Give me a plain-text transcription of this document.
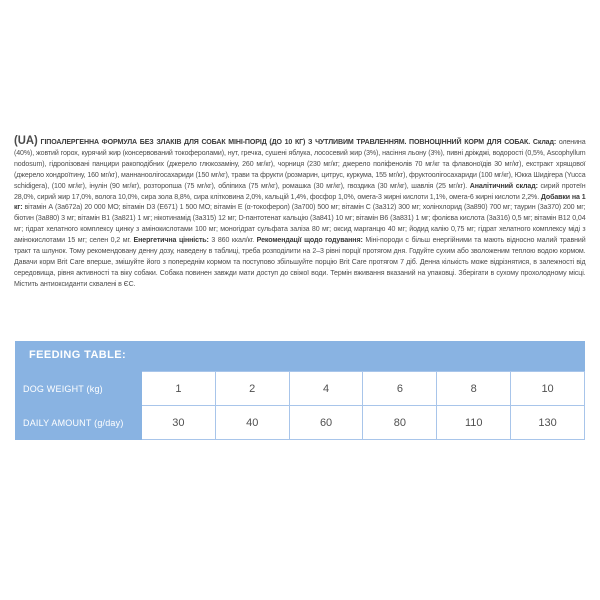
(UA) ГІПОАЛЕРГЕННА ФОРМУЛА БЕЗ ЗЛАКІВ ДЛЯ СОБАК МІНІ-ПОРІД (ДО 10 КГ) З ЧУТЛИВИМ ТРАВЛЕННЯМ. ПОВНОЦІННИЙ КОРМ ДЛЯ СОБАК. Склад: оленина (40%), жовтий горох, курячий жир (консервований токоферолами), нут, гречка, сушені яблука, лососевий жир (3%), насіння льону (3%), пивні дріжджі, водорості (0,5%, Ascophyllum nodosum), гідролізовані панцири ракоподібних (джерело глюкозаміну, 260 мг/кг), чорниця (230 мг/кг; джерело поліфенолів 70 мг/кг та флавоноїдів 30 мг/кг), екстракт хрящової (джерело хондроїтину, 160 мг/кг), маннаноолігосахариди (150 мг/кг), трави та фрукти (розмарин, цитрус, куркума, 155 мг/кг), фруктоолігосахариди (100 мг/кг), Юкка Шидігера (Yucca schidigera), (100 мг/кг), інулін (90 мг/кг), розторопша (75 мг/кг), обліпиха (75 мг/кг), ромашка (30 мг/кг), гвоздика (30 мг/кг), шавлія (25 мг/кг). Аналітичний склад: сирий протеїн 28,0%, сирий жир 17,0%, волога 10,0%, сира зола 8,8%, сира клітковина 2,0%, кальцій 1,4%, фосфор 1,0%, омега-3 жирні кислоти 1,1%, омега-6 жирні кислоти 2,2%. Добавки на 1 кг: вітамін А (3a672a) 20 000 МО; вітамін D3 (E671) 1 500 МО; вітамін Е (α-токоферол) (3a700) 500 мг; вітамін С (3a312) 300 мг; холінхлорид (3a890) 700 мг; таурин (3a370) 200 мг; біотин (3a880) 3 мг; вітамін В1 (3a821) 1 мг; нікотинамід (3a315) 12 мг; D-пантотенат кальцію (3a841) 10 мг; вітамін В6 (3a831) 1 мг; фолієва кислота (3a316) 0,5 мг; вітамін В12 0,04 мг; гідрат хелатного комплексу цинку з амінокислотами 100 мг; моногідрат сульфата заліза 80 мг; оксид марганцю 40 мг; йодид калію 0,75 мг; гідрат хелатного комплексу міді з амінокислотами 15 мг; селен 0,2 мг. Енергетична цінність: 3 860 ккал/кг. Рекомендації щодо годування: Міні-породи с більш енергійними та мають відносно малий травний тракт та шлунок. Тому рекомендовану денну дозу, наведену в таблиці, треба розподілити на 2–3 рівні порції протягом дня. Годуйте сухим або зволоженим теплою водою кормом. Давачи корм Brit Care вперше, змішуйте його з попереднім кормом та поступово збільшуйте порцію Brit Care протягом 7 діб. Денна кількість може відрізнятися, в залежності від середовища, рівня активності та віку собаки. Собака повинен завжди мати доступ до свіжої води. Термін вживання вказаний на упаковці. Зберігати в сухому прохолодному місці. Містить антиоксиданти схвалені в ЄС.
FEEDING TABLE:
DOG WEIGHT (kg)	1	2	4	6	8	10
DAILY AMOUNT (g/day)	30	40	60	80	110	130
